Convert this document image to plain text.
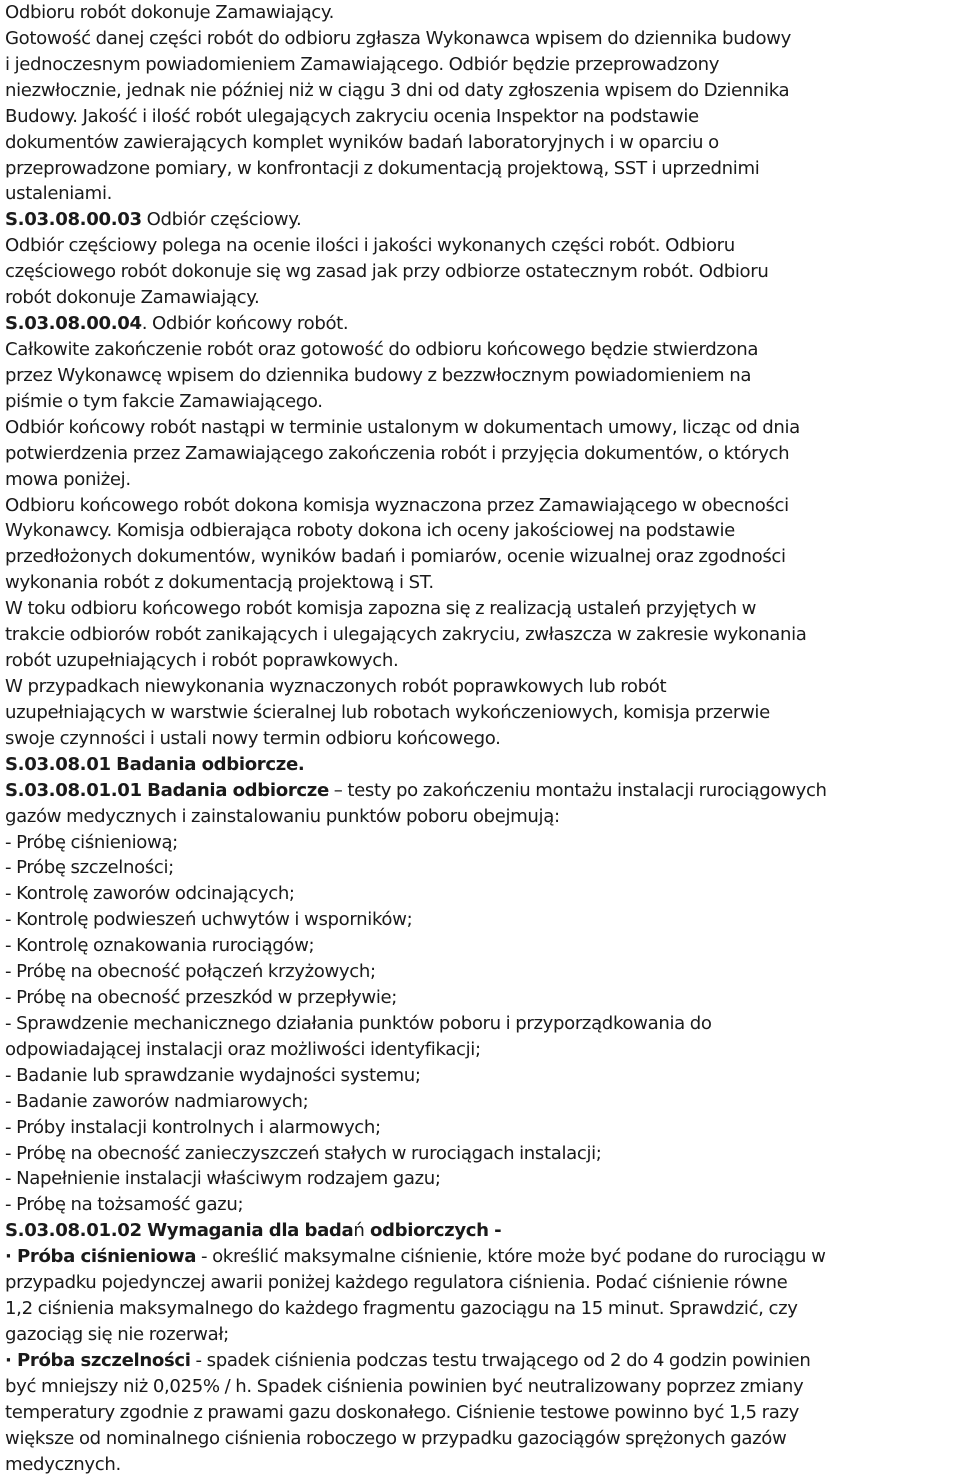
Odbioru robót dokonuje Zamawiający.
Gotowość danej części robót do odbioru zgłasza Wykonawca wpisem do dziennika budowy
i jednoczesnym powiadomieniem Zamawiającego. Odbiór będzie przeprowadzony
niezwłocznie, jednak nie później niż w ciągu 3 dni od daty zgłoszenia wpisem do Dziennika
Budowy. Jakość i ilość robót ulegających zakryciu ocenia Inspektor na podstawie
dokumentów zawierających komplet wyników badań laboratoryjnych i w oparciu o
przeprowadzone pomiary, w konfrontacji z dokumentacją projektową, SST i uprzednimi
ustaleniami.
S.03.08.00.03 Odbiór częściowy.
Odbiór częściowy polega na ocenie ilości i jakości wykonanych części robót. Odbioru
częściowego robót dokonuje się wg zasad jak przy odbiorze ostatecznym robót. Odbioru
robót dokonuje Zamawiający.
S.03.08.00.04. Odbiór końcowy robót.
Całkowite zakończenie robót oraz gotowość do odbioru końcowego będzie stwierdzona
przez Wykonawcę wpisem do dziennika budowy z bezzwłocznym powiadomieniem na
piśmie o tym fakcie Zamawiającego.
Odbiór końcowy robót nastąpi w terminie ustalonym w dokumentach umowy, licząc od dnia
potwierdzenia przez Zamawiającego zakończenia robót i przyjęcia dokumentów, o których
mowa poniżej.
Odbioru końcowego robót dokona komisja wyznaczona przez Zamawiającego w obecności
Wykonawcy. Komisja odbierająca roboty dokona ich oceny jakościowej na podstawie
przedłożonych dokumentów, wyników badań i pomiarów, ocenie wizualnej oraz zgodności
wykonania robót z dokumentacją projektową i ST.
W toku odbioru końcowego robót komisja zapozna się z realizacją ustaleń przyjętych w
trakcie odbiorów robót zanikających i ulegających zakryciu, zwłaszcza w zakresie wykonania
robót uzupełniających i robót poprawkowych.
W przypadkach niewykonania wyznaczonych robót poprawkowych lub robót
uzupełniających w warstwie ścieralnej lub robotach wykończeniowych, komisja przerwie
swoje czynności i ustali nowy termin odbioru końcowego.
S.03.08.01 Badania odbiorcze.
S.03.08.01.01 Badania odbiorcze – testy po zakończeniu montażu instalacji rurociągowych
gazów medycznych i zainstalowaniu punktów poboru obejmują:
- Próbę ciśnieniową;
- Próbę szczelności;
- Kontrolę zaworów odcinających;
- Kontrolę podwieszeń uchwytów i wsporników;
- Kontrolę oznakowania rurociągów;
- Próbę na obecność połączeń krzyżowych;
- Próbę na obecność przeszkód w przepływie;
- Sprawdzenie mechanicznego działania punktów poboru i przyporządkowania do
odpowiadającej instalacji oraz możliwości identyfikacji;
- Badanie lub sprawdzanie wydajności systemu;
- Badanie zaworów nadmiarowych;
- Próby instalacji kontrolnych i alarmowych;
- Próbę na obecność zanieczyszczeń stałych w rurociągach instalacji;
- Napełnienie instalacji właściwym rodzajem gazu;
- Próbę na tożsamość gazu;
S.03.08.01.02 Wymagania dla badań odbiorczych -
· Próba ciśnieniowa - określić maksymalne ciśnienie, które może być podane do rurociągu w
przypadku pojedynczej awarii poniżej każdego regulatora ciśnienia. Podać ciśnienie równe
1,2 ciśnienia maksymalnego do każdego fragmentu gazociągu na 15 minut. Sprawdzić, czy
gazociąg się nie rozerwał;
· Próba szczelności - spadek ciśnienia podczas testu trwającego od 2 do 4 godzin powinien
być mniejszy niż 0,025% / h. Spadek ciśnienia powinien być neutralizowany poprzez zmiany
temperatury zgodnie z prawami gazu doskonałego. Ciśnienie testowe powinno być 1,5 razy
większe od nominalnego ciśnienia roboczego w przypadku gazociągów sprężonych gazów
medycznych.
